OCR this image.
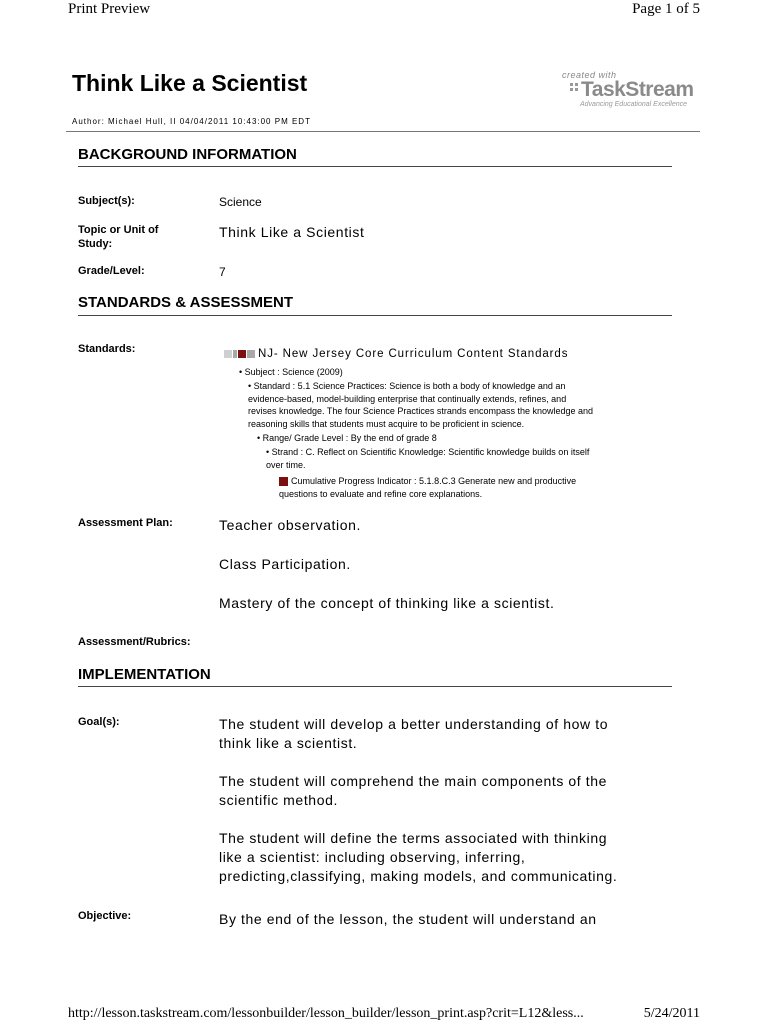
Print Preview	Page 1 of 5
Think Like a Scientist
Author: Michael Hull, II 04/04/2011 10:43:00 PM EDT
created with
TaskStream
Advancing Educational Excellence
BACKGROUND INFORMATION
Subject(s):	Science
Topic or Unit of
Study:
Think Like a Scientist
Grade/Level:	7
STANDARDS & ASSESSMENT
Standards:	NJ- New Jersey Core Curriculum Content Standards
• Subject : Science (2009)
• Standard : 5.1 Science Practices: Science is both a body of knowledge and an
evidence-based, model-building enterprise that continually extends, refines, and
revises knowledge. The four Science Practices strands encompass the knowledge and
reasoning skills that students must acquire to be proficient in science.
• Range/ Grade Level : By the end of grade 8
• Strand : C. Reflect on Scientific Knowledge: Scientific knowledge builds on itself
over time.
Cumulative Progress Indicator : 5.1.8.C.3 Generate new and productive
questions to evaluate and refine core explanations.
Assessment Plan:	Teacher observation.
Class Participation.
Mastery of the concept of thinking like a scientist.
Assessment/Rubrics:
IMPLEMENTATION
Goal(s):	The student will develop a better understanding of how to
think like a scientist.
The student will comprehend the main components of the
scientific method.
The student will define the terms associated with thinking
like a scientist: including observing, inferring,
predicting,classifying, making models, and communicating.
Objective:	By the end of the lesson, the student will understand an
http://lesson.taskstream.com/lessonbuilder/lesson_builder/lesson_print.asp?crit=L12&less...	5/24/2011
